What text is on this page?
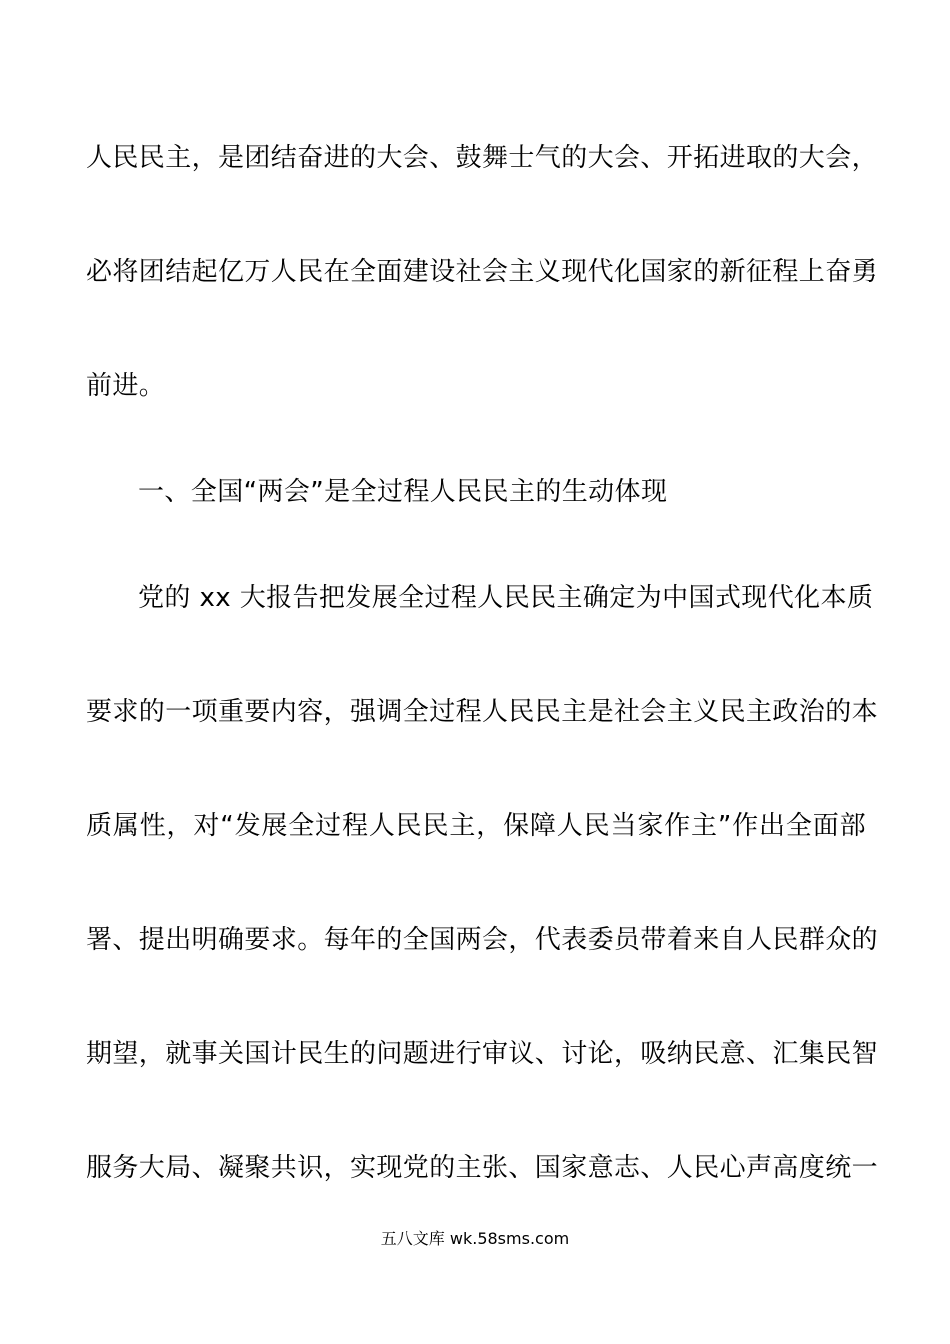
人民民主，是团结奋进的大会、鼓舞士气的大会、开拓进取的大会，
必将团结起亿万人民在全面建设社会主义现代化国家的新征程上奋勇
前进。
一、全国“两会”是全过程人民民主的生动体现
党的 xx 大报告把发展全过程人民民主确定为中国式现代化本质
要求的一项重要内容，强调全过程人民民主是社会主义民主政治的本
质属性，对“发展全过程人民民主，保障人民当家作主”作出全面部
署、提出明确要求。每年的全国两会，代表委员带着来自人民群众的
期望，就事关国计民生的问题进行审议、讨论，吸纳民意、汇集民智
服务大局、凝聚共识，实现党的主张、国家意志、人民心声高度统一
五八文库 wk.58sms.com
